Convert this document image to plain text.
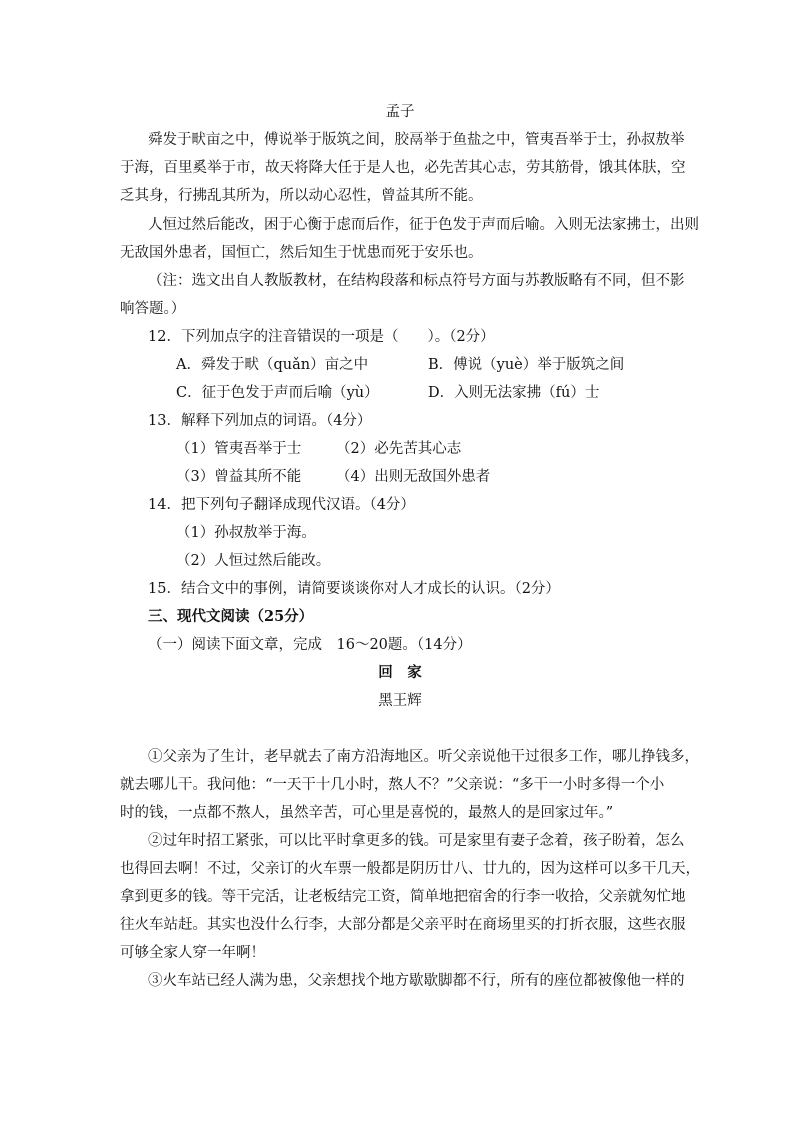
孟子
舜发于畎亩之中，傅说举于版筑之间，胶鬲举于鱼盐之中，管夷吾举于士，孙叔敖举
于海，百里奚举于市，故天将降大任于是人也，必先苦其心志，劳其筋骨，饿其体肤，空
乏其身，行拂乱其所为，所以动心忍性，曾益其所不能。
人恒过然后能改，困于心衡于虑而后作，征于色发于声而后喻。入则无法家拂士，出则
无敌国外患者，国恒亡，然后知生于忧患而死于安乐也。
（注：选文出自人教版教材，在结构段落和标点符号方面与苏教版略有不同，但不影
响答题。）
12．下列加点字的注音错误的一项是（　　）。（2分）
A．舜发于畎（quǎn）亩之中	B．傅说（yuè）举于版筑之间
C．征于色发于声而后喻（yù）	D．入则无法家拂（fú）士
13．解释下列加点的词语。（4分）
（1）管夷吾举于士 （2）必先苦其心志
（3）曾益其所不能 （4）出则无敌国外患者
14．把下列句子翻译成现代汉语。（4分）
（1）孙叔敖举于海。
（2）人恒过然后能改。
15．结合文中的事例，请简要谈谈你对人才成长的认识。（2分）
三、现代文阅读（25分）
（一）阅读下面文章，完成　16～20题。（14分）
回　家
黑王辉
①父亲为了生计，老早就去了南方沿海地区。听父亲说他干过很多工作，哪儿挣钱多，
就去哪儿干。我问他：“一天干十几小时，熬人不？”父亲说：“多干一小时多得一个小
时的钱，一点都不熬人，虽然辛苦，可心里是喜悦的，最熬人的是回家过年。”
②过年时招工紧张，可以比平时拿更多的钱。可是家里有妻子念着，孩子盼着，怎么
也得回去啊！不过，父亲订的火车票一般都是阴历廿八、廿九的，因为这样可以多干几天，
拿到更多的钱。等干完活，让老板结完工资，简单地把宿舍的行李一收拾，父亲就匆忙地
往火车站赶。其实也没什么行李，大部分都是父亲平时在商场里买的打折衣服，这些衣服
可够全家人穿一年啊！
③火车站已经人满为患，父亲想找个地方歇歇脚都不行，所有的座位都被像他一样的
